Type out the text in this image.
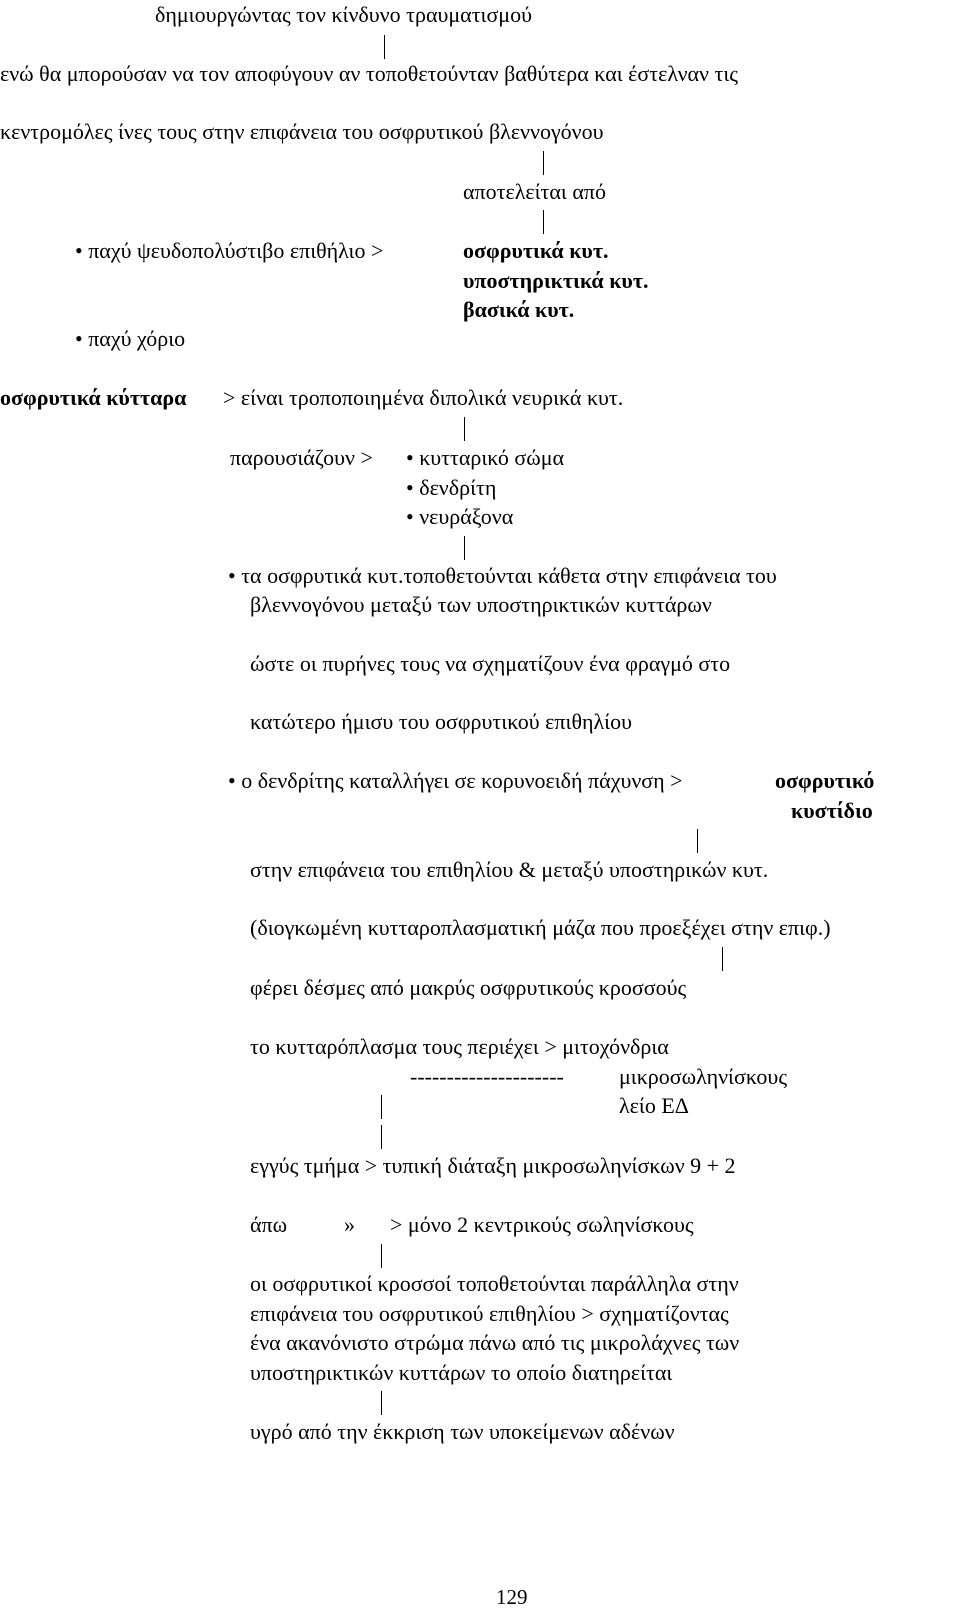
δημιουργώντας τον κίνδυνο τραυματισμού
ενώ θα μπορούσαν να τον αποφύγουν αν τοποθετούνταν βαθύτερα και έστελναν τις
κεντρομόλες ίνες τους στην επιφάνεια του οσφρυτικού βλεννογόνου
αποτελείται από
• παχύ ψευδοπολύστιβο επιθήλιο >	οσφρυτικά κυτ.
υποστηρικτικά κυτ.
βασικά κυτ.
• παχύ χόριο
οσφρυτικά κύτταρα > είναι τροποποιημένα διπολικά νευρικά κυτ.
παρουσιάζουν > • κυτταρικό σώμα
• δενδρίτη
• νευράξονα
• τα οσφρυτικά κυτ.τοποθετούνται κάθετα στην επιφάνεια του
βλεννογόνου μεταξύ των υποστηρικτικών κυττάρων
ώστε οι πυρήνες τους να σχηματίζουν ένα φραγμό στο
κατώτερο ήμισυ του οσφρυτικού επιθηλίου
• ο δενδρίτης καταλλήγει σε κορυνοειδή πάχυνση >	οσφρυτικό
κυστίδιο
στην επιφάνεια του επιθηλίου & μεταξύ υποστηρικών κυτ.
(διογκωμένη κυτταροπλασματική μάζα που προεξέχει στην επιφ.)
φέρει δέσμες από μακρύς οσφρυτικούς κροσσούς
το κυτταρόπλασμα τους περιέχει > μιτοχόνδρια
---------------------	μικροσωληνίσκους
λείο ΕΔ
εγγύς τμήμα > τυπική διάταξη μικροσωληνίσκων 9 + 2
άπω	» > μόνο 2 κεντρικούς σωληνίσκους
οι οσφρυτικοί κροσσοί τοποθετούνται παράλληλα στην
επιφάνεια του οσφρυτικού επιθηλίου > σχηματίζοντας
ένα ακανόνιστο στρώμα πάνω από τις μικρολάχνες των
υποστηρικτικών κυττάρων το οποίο διατηρείται
υγρό από την έκκριση των υποκείμενων αδένων
129
